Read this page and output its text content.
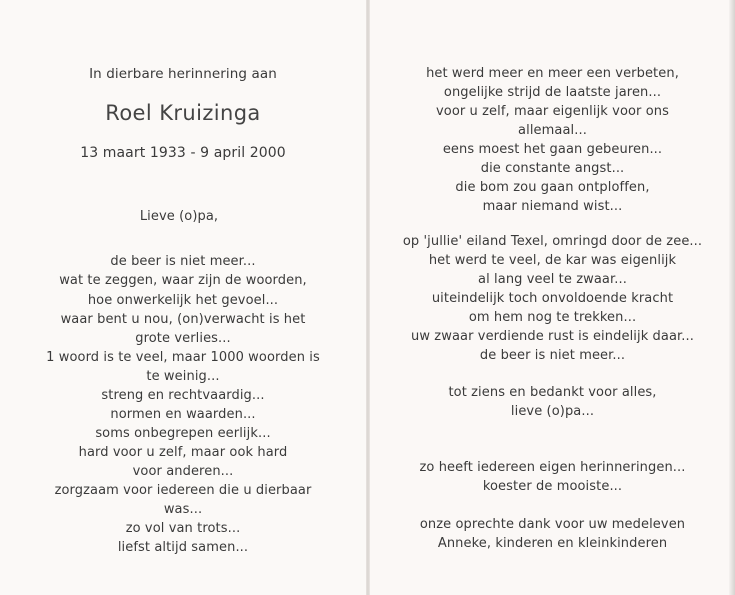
In dierbare herinnering aan
Roel Kruizinga
13 maart 1933 - 9 april 2000
Lieve (o)pa,
de beer is niet meer...
wat te zeggen, waar zijn de woorden,
hoe onwerkelijk het gevoel...
waar bent u nou, (on)verwacht is het
grote verlies...
1 woord is te veel, maar 1000 woorden is
te weinig...
streng en rechtvaardig...
normen en waarden...
soms onbegrepen eerlijk...
hard voor u zelf, maar ook hard
voor anderen...
zorgzaam voor iedereen die u dierbaar
was...
zo vol van trots...
liefst altijd samen...
het werd meer en meer een verbeten,
ongelijke strijd de laatste jaren...
voor u zelf, maar eigenlijk voor ons
allemaal...
eens moest het gaan gebeuren...
die constante angst...
die bom zou gaan ontploffen,
maar niemand wist...
op 'jullie' eiland Texel, omringd door de zee...
het werd te veel, de kar was eigenlijk
al lang veel te zwaar...
uiteindelijk toch onvoldoende kracht
om hem nog te trekken...
uw zwaar verdiende rust is eindelijk daar...
de beer is niet meer...
tot ziens en bedankt voor alles,
lieve (o)pa...
zo heeft iedereen eigen herinneringen...
koester de mooiste...
onze oprechte dank voor uw medeleven
Anneke, kinderen en kleinkinderen
